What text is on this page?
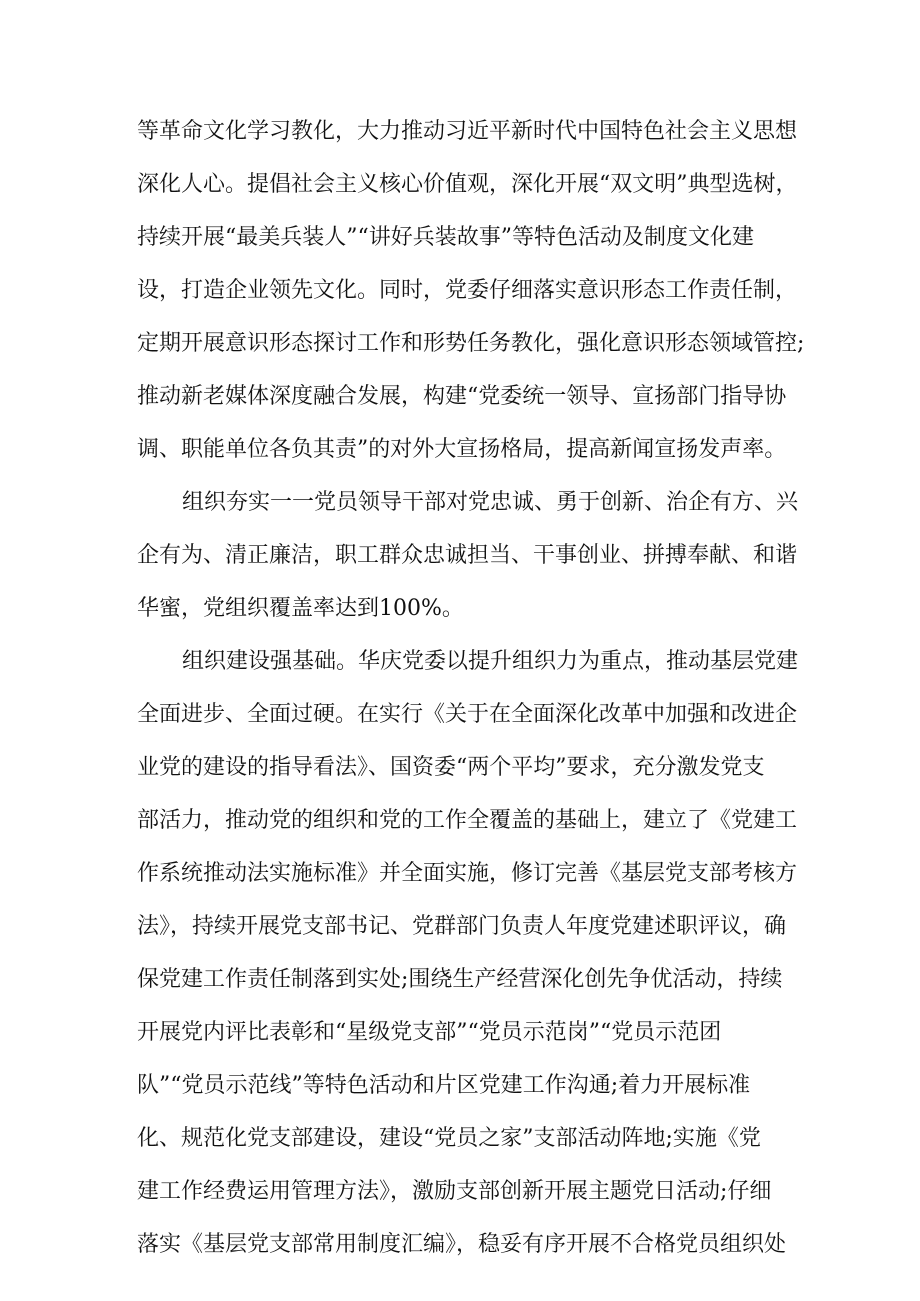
等革命文化学习教化，大力推动习近平新时代中国特色社会主义思想
深化人心。提倡社会主义核心价值观，深化开展“双文明”典型选树，
持续开展“最美兵装人”“讲好兵装故事”等特色活动及制度文化建
设，打造企业领先文化。同时，党委仔细落实意识形态工作责任制，
定期开展意识形态探讨工作和形势任务教化，强化意识形态领域管控;
推动新老媒体深度融合发展，构建“党委统一领导、宣扬部门指导协
调、职能单位各负其责”的对外大宣扬格局，提高新闻宣扬发声率。
组织夯实一一党员领导干部对党忠诚、勇于创新、治企有方、兴
企有为、清正廉洁，职工群众忠诚担当、干事创业、拼搏奉献、和谐
华蜜，党组织覆盖率达到100%。
组织建设强基础。华庆党委以提升组织力为重点，推动基层党建
全面进步、全面过硬。在实行《关于在全面深化改革中加强和改进企
业党的建设的指导看法》、国资委“两个平均”要求，充分激发党支
部活力，推动党的组织和党的工作全覆盖的基础上，建立了《党建工
作系统推动法实施标准》并全面实施，修订完善《基层党支部考核方
法》，持续开展党支部书记、党群部门负责人年度党建述职评议，确
保党建工作责任制落到实处;围绕生产经营深化创先争优活动，持续
开展党内评比表彰和“星级党支部”“党员示范岗”“党员示范团
队”“党员示范线”等特色活动和片区党建工作沟通;着力开展标准
化、规范化党支部建设，建设“党员之家”支部活动阵地;实施《党
建工作经费运用管理方法》，激励支部创新开展主题党日活动;仔细
落实《基层党支部常用制度汇编》，稳妥有序开展不合格党员组织处
